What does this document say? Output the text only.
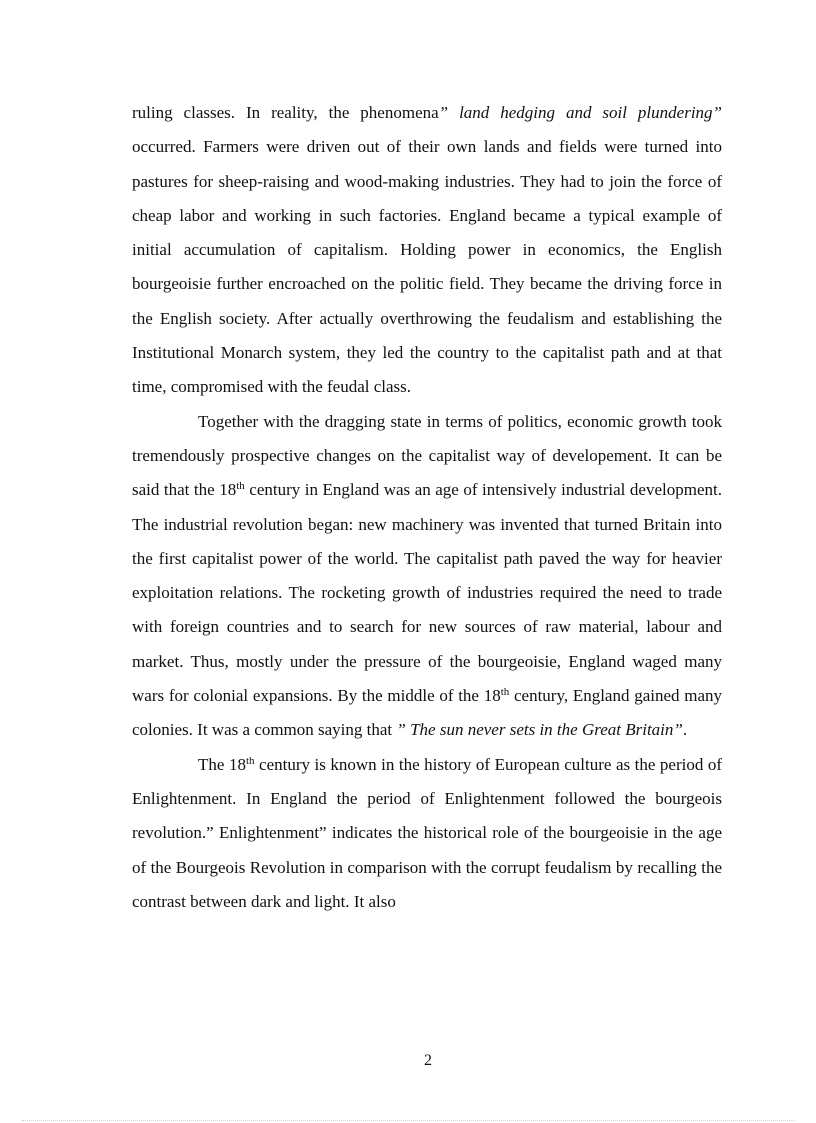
ruling classes. In reality, the phenomena” land hedging and soil plundering” occurred. Farmers were driven out of their own lands and fields were turned into pastures for sheep-raising and wood-making industries. They had to join the force of cheap labor and working in such factories. England became a typical example of initial accumulation of capitalism. Holding power in economics, the English bourgeoisie further encroached on the politic field. They became the driving force in the English society. After actually overthrowing the feudalism and establishing the Institutional Monarch system, they led the country to the capitalist path and at that time, compromised with the feudal class.

Together with the dragging state in terms of politics, economic growth took tremendously prospective changes on the capitalist way of developement. It can be said that the 18th century in England was an age of intensively industrial development. The industrial revolution began: new machinery was invented that turned Britain into the first capitalist power of the world. The capitalist path paved the way for heavier exploitation relations. The rocketing growth of industries required the need to trade with foreign countries and to search for new sources of raw material, labour and market. Thus, mostly under the pressure of the bourgeoisie, England waged many wars for colonial expansions. By the middle of the 18th century, England gained many colonies. It was a common saying that ” The sun never sets in the Great Britain”.

The 18th century is known in the history of European culture as the period of Enlightenment. In England the period of Enlightenment followed the bourgeois revolution.” Enlightenment” indicates the historical role of the bourgeoisie in the age of the Bourgeois Revolution in comparison with the corrupt feudalism by recalling the contrast between dark and light. It also

2
